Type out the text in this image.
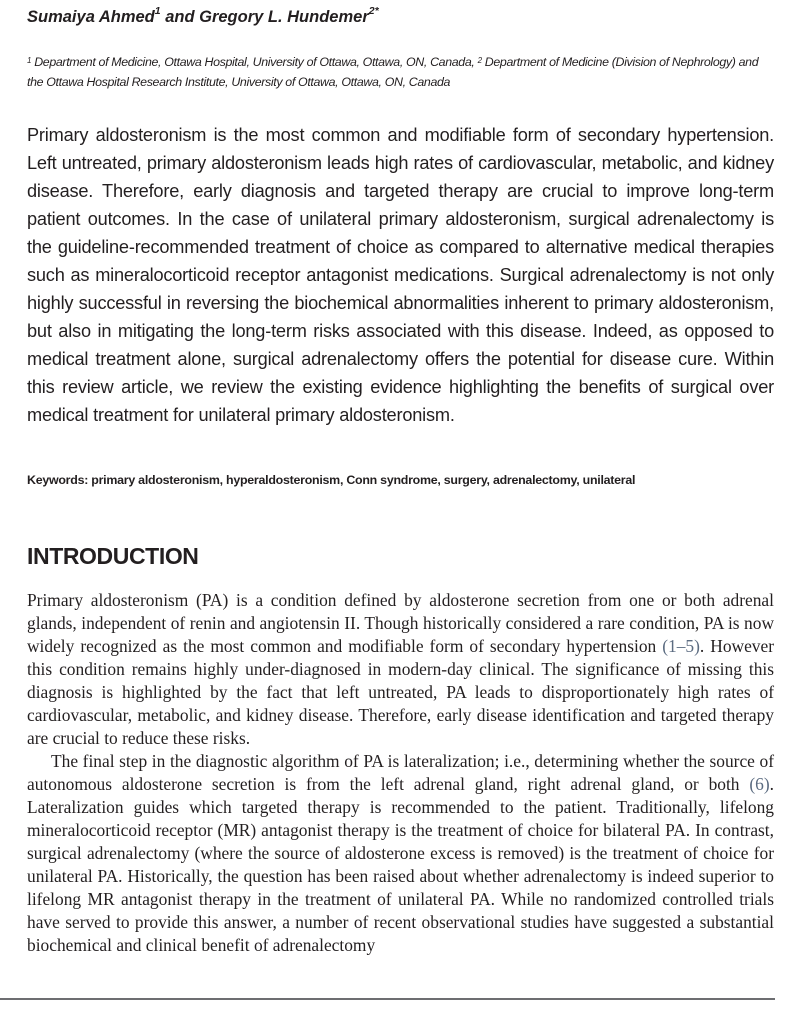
Sumaiya Ahmed$^1$ and Gregory L. Hundemer$^{2*}$
$^1$ Department of Medicine, Ottawa Hospital, University of Ottawa, Ottawa, ON, Canada, $^2$ Department of Medicine (Division of Nephrology) and the Ottawa Hospital Research Institute, University of Ottawa, Ottawa, ON, Canada
Primary aldosteronism is the most common and modifiable form of secondary hypertension. Left untreated, primary aldosteronism leads high rates of cardiovascular, metabolic, and kidney disease. Therefore, early diagnosis and targeted therapy are crucial to improve long-term patient outcomes. In the case of unilateral primary aldosteronism, surgical adrenalectomy is the guideline-recommended treatment of choice as compared to alternative medical therapies such as mineralocorticoid receptor antagonist medications. Surgical adrenalectomy is not only highly successful in reversing the biochemical abnormalities inherent to primary aldosteronism, but also in mitigating the long-term risks associated with this disease. Indeed, as opposed to medical treatment alone, surgical adrenalectomy offers the potential for disease cure. Within this review article, we review the existing evidence highlighting the benefits of surgical over medical treatment for unilateral primary aldosteronism.
Keywords: primary aldosteronism, hyperaldosteronism, Conn syndrome, surgery, adrenalectomy, unilateral
INTRODUCTION

Primary aldosteronism (PA) is a condition defined by aldosterone secretion from one or both adrenal glands, independent of renin and angiotensin II. Though historically considered a rare condition, PA is now widely recognized as the most common and modifiable form of secondary hypertension (1–5). However this condition remains highly under-diagnosed in modern-day clinical. The significance of missing this diagnosis is highlighted by the fact that left untreated, PA leads to disproportionately high rates of cardiovascular, metabolic, and kidney disease. Therefore, early disease identification and targeted therapy are crucial to reduce these risks.

The final step in the diagnostic algorithm of PA is lateralization; i.e., determining whether the source of autonomous aldosterone secretion is from the left adrenal gland, right adrenal gland, or both (6). Lateralization guides which targeted therapy is recommended to the patient. Traditionally, lifelong mineralocorticoid receptor (MR) antagonist therapy is the treatment of choice for bilateral PA. In contrast, surgical adrenalectomy (where the source of aldosterone excess is removed) is the treatment of choice for unilateral PA. Historically, the question has been raised about whether adrenalectomy is indeed superior to lifelong MR antagonist therapy in the treatment of unilateral PA. While no randomized controlled trials have served to provide this answer, a number of recent observational studies have suggested a substantial biochemical and clinical benefit of adrenalectomy
